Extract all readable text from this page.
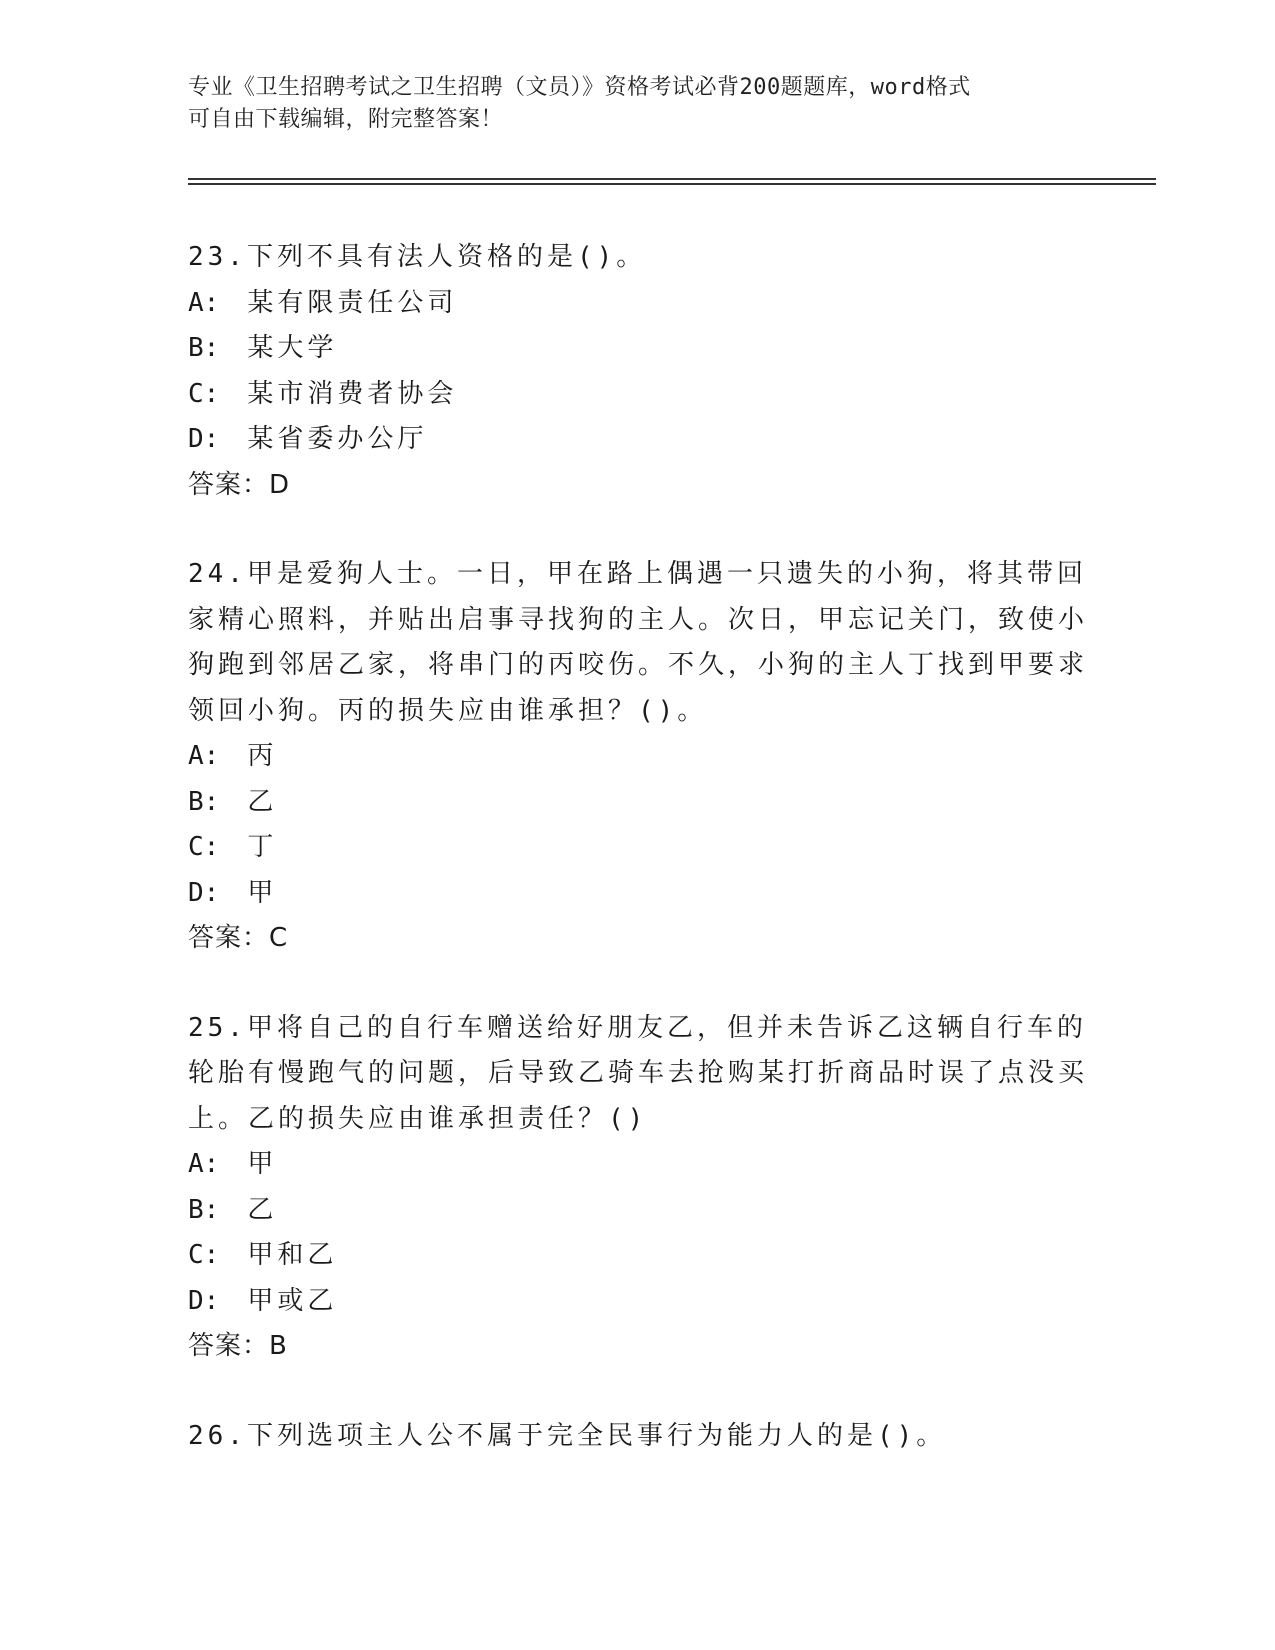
专业《卫生招聘考试之卫生招聘（文员）》资格考试必背200题题库，word格式
可自由下载编辑，附完整答案！
23.下列不具有法人资格的是()。
A: 某有限责任公司
B: 某大学
C: 某市消费者协会
D: 某省委办公厅
答案：D
24.甲是爱狗人士。一日，甲在路上偶遇一只遗失的小狗，将其带回家精心照料，并贴出启事寻找狗的主人。次日，甲忘记关门，致使小狗跑到邻居乙家，将串门的丙咬伤。不久，小狗的主人丁找到甲要求领回小狗。丙的损失应由谁承担？()。
A: 丙
B: 乙
C: 丁
D: 甲
答案：C
25.甲将自己的自行车赠送给好朋友乙，但并未告诉乙这辆自行车的轮胎有慢跑气的问题，后导致乙骑车去抢购某打折商品时误了点没买上。乙的损失应由谁承担责任？()
A: 甲
B: 乙
C: 甲和乙
D: 甲或乙
答案：B
26.下列选项主人公不属于完全民事行为能力人的是()。
